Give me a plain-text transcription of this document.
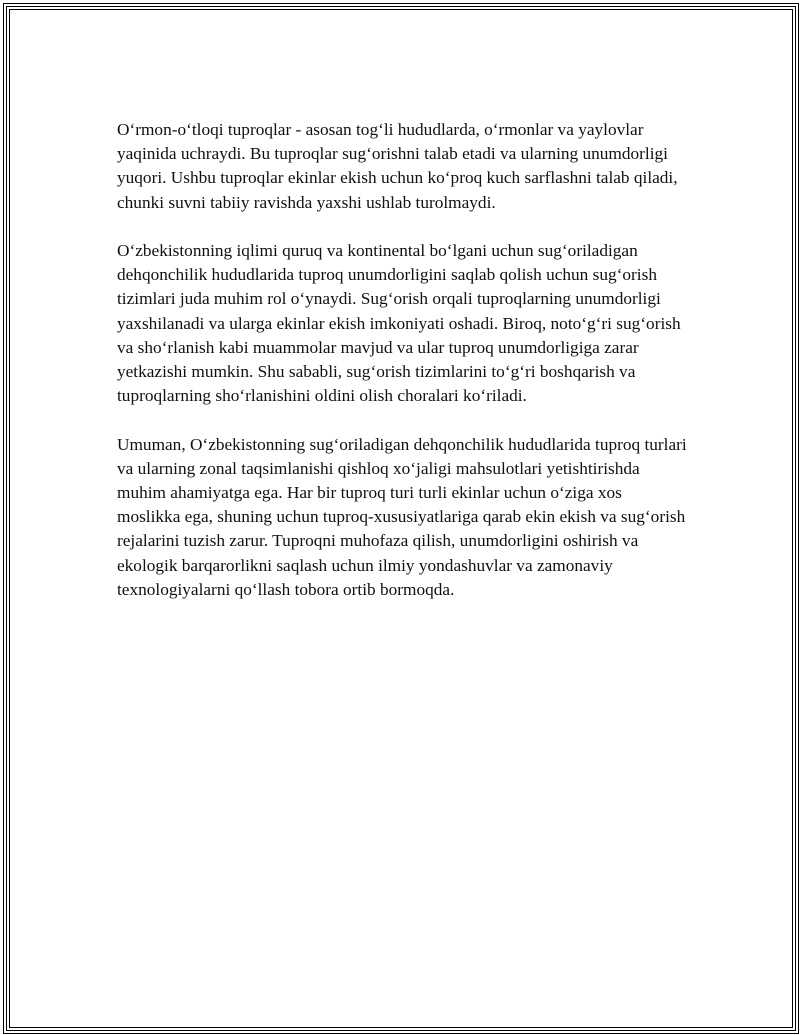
O‘rmon-o‘tloqi tuproqlar - asosan tog‘li hududlarda, o‘rmonlar va yaylovlar yaqinida uchraydi. Bu tuproqlar sug‘orishni talab etadi va ularning unumdorligi yuqori. Ushbu tuproqlar ekinlar ekish uchun ko‘proq kuch sarflashni talab qiladi, chunki suvni tabiiy ravishda yaxshi ushlab turolmaydi.

O‘zbekistonning iqlimi quruq va kontinental bo‘lgani uchun sug‘oriladigan dehqonchilik hududlarida tuproq unumdorligini saqlab qolish uchun sug‘orish tizimlari juda muhim rol o‘ynaydi. Sug‘orish orqali tuproqlarning unumdorligi yaxshilanadi va ularga ekinlar ekish imkoniyati oshadi. Biroq, noto‘g‘ri sug‘orish va sho‘rlanish kabi muammolar mavjud va ular tuproq unumdorligiga zarar yetkazishi mumkin. Shu sababli, sug‘orish tizimlarini to‘g‘ri boshqarish va tuproqlarning sho‘rlanishini oldini olish choralari ko‘riladi.

Umuman, O‘zbekistonning sug‘oriladigan dehqonchilik hududlarida tuproq turlari va ularning zonal taqsimlanishi qishloq xo‘jaligi mahsulotlari yetishtirishda muhim ahamiyatga ega. Har bir tuproq turi turli ekinlar uchun o‘ziga xos moslikka ega, shuning uchun tuproq-xususiyatlariga qarab ekin ekish va sug‘orish rejalarini tuzish zarur. Tuproqni muhofaza qilish, unumdorligini oshirish va ekologik barqarorlikni saqlash uchun ilmiy yondashuvlar va zamonaviy texnologiyalarni qo‘llash tobora ortib bormoqda.
